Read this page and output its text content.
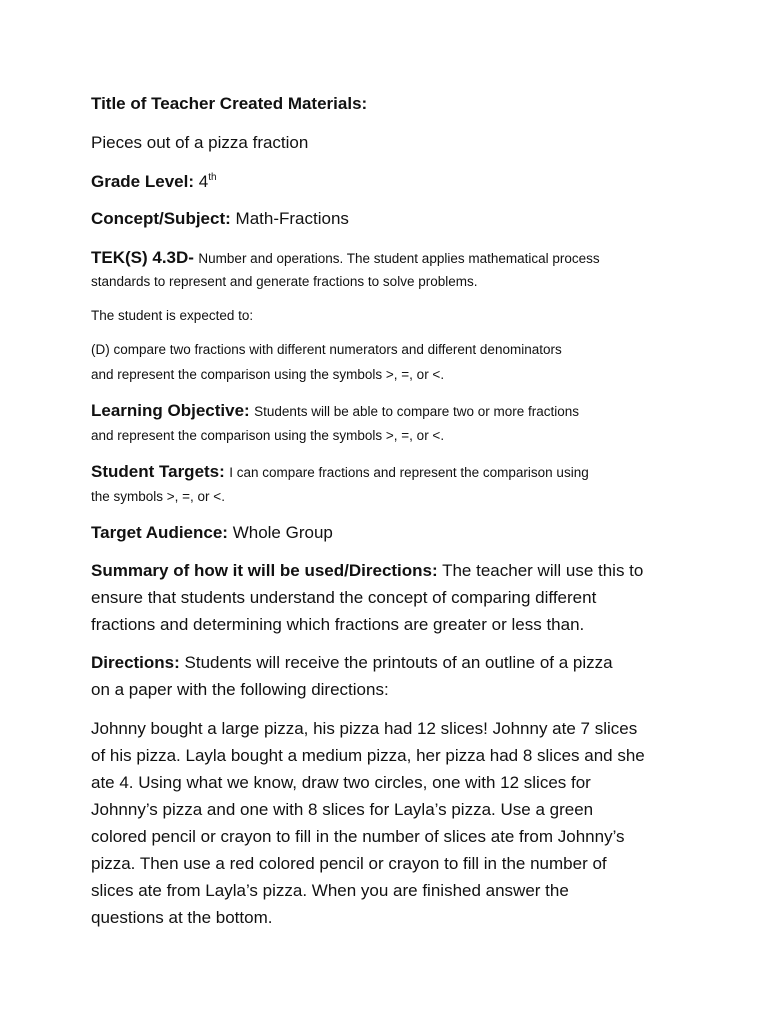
Title of Teacher Created Materials:
Pieces out of a pizza fraction
Grade Level: 4th
Concept/Subject: Math-Fractions
TEK(S) 4.3D- Number and operations. The student applies mathematical process
standards to represent and generate fractions to solve problems.
The student is expected to:
(D) compare two fractions with different numerators and different denominators
and represent the comparison using the symbols >, =, or <.
Learning Objective: Students will be able to compare two or more fractions
and represent the comparison using the symbols >, =, or <.
Student Targets: I can compare fractions and represent the comparison using
the symbols >, =, or <.
Target Audience: Whole Group
Summary of how it will be used/Directions: The teacher will use this to
ensure that students understand the concept of comparing different
fractions and determining which fractions are greater or less than.
Directions: Students will receive the printouts of an outline of a pizza
on a paper with the following directions:
Johnny bought a large pizza, his pizza had 12 slices! Johnny ate 7 slices
of his pizza. Layla bought a medium pizza, her pizza had 8 slices and she
ate 4. Using what we know, draw two circles, one with 12 slices for
Johnny’s pizza and one with 8 slices for Layla’s pizza. Use a green
colored pencil or crayon to fill in the number of slices ate from Johnny’s
pizza. Then use a red colored pencil or crayon to fill in the number of
slices ate from Layla’s pizza. When you are finished answer the
questions at the bottom.
